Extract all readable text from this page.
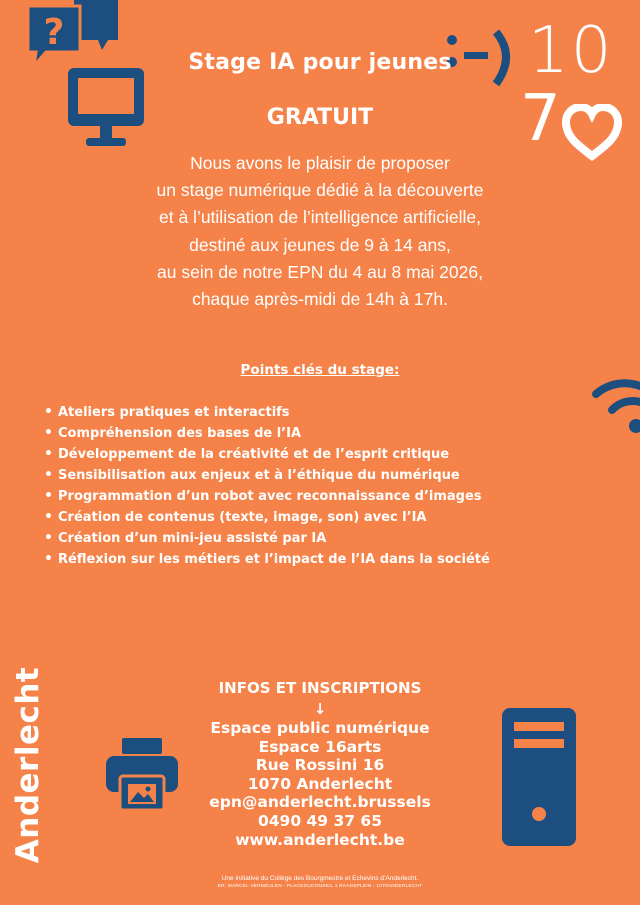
?	10
7
Stage IA pour jeunes
GRATUIT
Nous avons le plaisir de proposer
un stage numérique dédié à la découverte
et à l’utilisation de l’intelligence artificielle,
destiné aux jeunes de 9 à 14 ans,
au sein de notre EPN du 4 au 8 mai 2026,
chaque après-midi de 14h à 17h.
Points clés du stage:
• Ateliers pratiques et interactifs
• Compréhension des bases de l’IA
• Développement de la créativité et de l’esprit critique
• Sensibilisation aux enjeux et à l’éthique du numérique
• Programmation d’un robot avec reconnaissance d’images
• Création de contenus (texte, image, son) avec l’IA
• Création d’un mini-jeu assisté par IA
• Réflexion sur les métiers et l’impact de l’IA dans la société
Anderlecht	INFOS ET INSCRIPTIONS
↓
Espace public numérique
Espace 16arts
Rue Rossini 16
1070 Anderlecht
epn@anderlecht.brussels
0490 49 37 65
www.anderlecht.be
Une initiative du Collège des Bourgmestre et Echevins d’Anderlecht.
ER: MARCEL VERMEULEN - PLACEDUCONSEIL 1 RAADSPLEIN - 1070ANDERLECHT
